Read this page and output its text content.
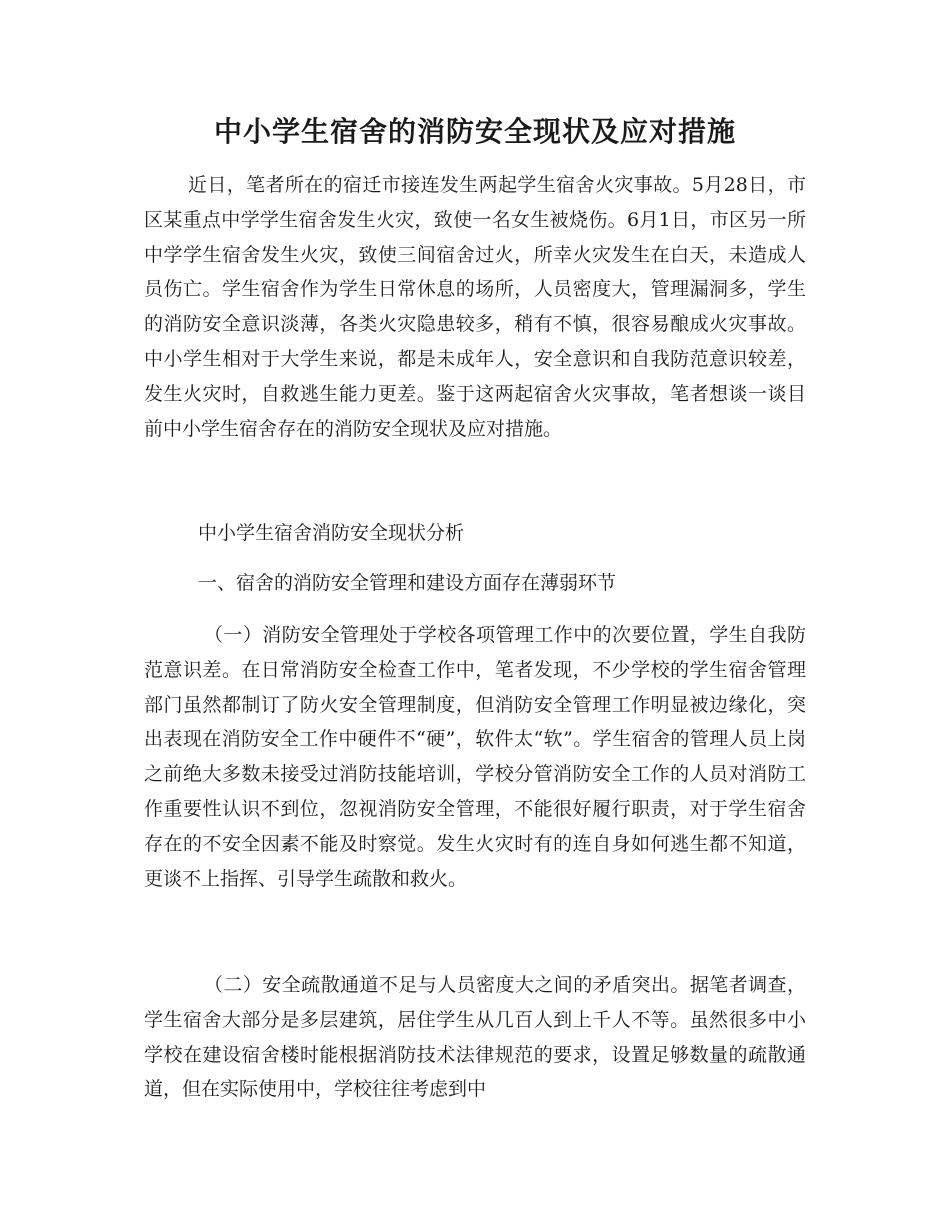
中小学生宿舍的消防安全现状及应对措施

近日，笔者所在的宿迁市接连发生两起学生宿舍火灾事故。5月28日，市区某重点中学学生宿舍发生火灾，致使一名女生被烧伤。6月1日，市区另一所中学学生宿舍发生火灾，致使三间宿舍过火，所幸火灾发生在白天，未造成人员伤亡。学生宿舍作为学生日常休息的场所，人员密度大，管理漏洞多，学生的消防安全意识淡薄，各类火灾隐患较多，稍有不慎，很容易酿成火灾事故。中小学生相对于大学生来说，都是未成年人，安全意识和自我防范意识较差，发生火灾时，自救逃生能力更差。鉴于这两起宿舍火灾事故，笔者想谈一谈目前中小学生宿舍存在的消防安全现状及应对措施。

中小学生宿舍消防安全现状分析

一、宿舍的消防安全管理和建设方面存在薄弱环节

（一）消防安全管理处于学校各项管理工作中的次要位置，学生自我防范意识差。在日常消防安全检查工作中，笔者发现，不少学校的学生宿舍管理部门虽然都制订了防火安全管理制度，但消防安全管理工作明显被边缘化，突出表现在消防安全工作中硬件不“硬”，软件太“软”。学生宿舍的管理人员上岗之前绝大多数未接受过消防技能培训，学校分管消防安全工作的人员对消防工作重要性认识不到位，忽视消防安全管理，不能很好履行职责，对于学生宿舍存在的不安全因素不能及时察觉。发生火灾时有的连自身如何逃生都不知道，更谈不上指挥、引导学生疏散和救火。

（二）安全疏散通道不足与人员密度大之间的矛盾突出。据笔者调查，学生宿舍大部分是多层建筑，居住学生从几百人到上千人不等。虽然很多中小学校在建设宿舍楼时能根据消防技术法律规范的要求，设置足够数量的疏散通道，但在实际使用中，学校往往考虑到中
